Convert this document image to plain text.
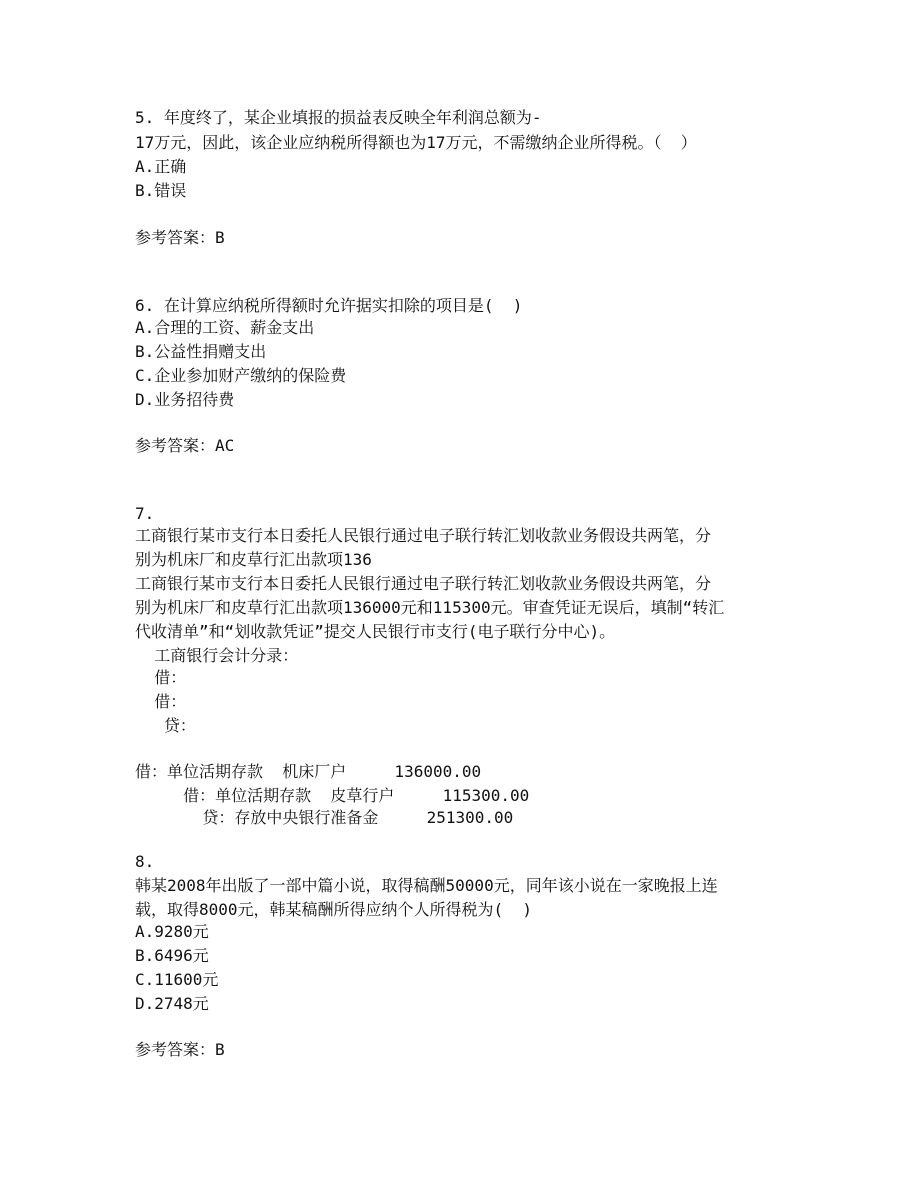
5. 年度终了，某企业填报的损益表反映全年利润总额为-
17万元，因此，该企业应纳税所得额也为17万元，不需缴纳企业所得税。（  ）
A.正确
B.错误
参考答案：B
6. 在计算应纳税所得额时允许据实扣除的项目是(  )
A.合理的工资、薪金支出
B.公益性捐赠支出
C.企业参加财产缴纳的保险费
D.业务招待费
参考答案：AC
7.
工商银行某市支行本日委托人民银行通过电子联行转汇划收款业务假设共两笔，分
别为机床厂和皮草行汇出款项136
工商银行某市支行本日委托人民银行通过电子联行转汇划收款业务假设共两笔，分
别为机床厂和皮草行汇出款项136000元和115300元。审查凭证无误后，填制“转汇
代收清单”和“划收款凭证”提交人民银行市支行(电子联行分中心)。
工商银行会计分录：
借：
借：
贷：
借：单位活期存款  机床厂户     136000.00
借：单位活期存款  皮草行户     115300.00
贷：存放中央银行准备金     251300.00
8.
韩某2008年出版了一部中篇小说，取得稿酬50000元，同年该小说在一家晚报上连
载，取得8000元，韩某稿酬所得应纳个人所得税为(  )
A.9280元
B.6496元
C.11600元
D.2748元
参考答案：B
